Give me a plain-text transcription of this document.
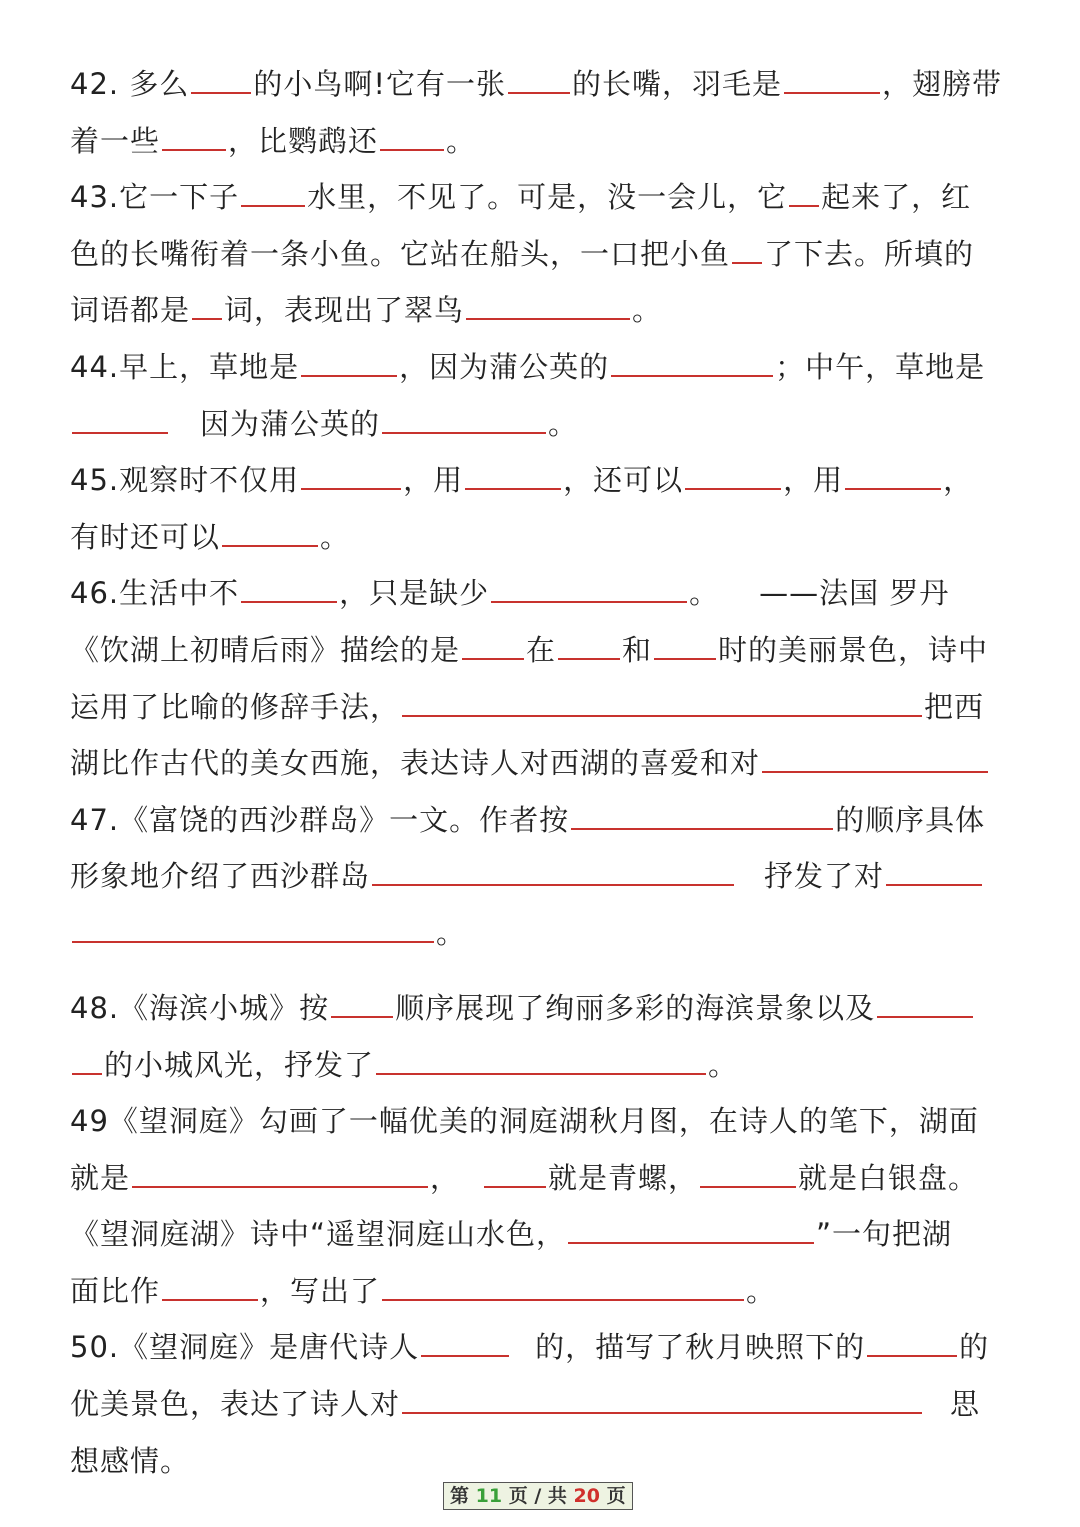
42. 多么 的小鸟啊!它有一张 的长嘴，羽毛是	，翅膀带
着一些 ，比鹦鹉还 。
43.它一下子 水里，不见了。可是，没一会儿，它 起来了，红
色的长嘴衔着一条小鱼。它站在船头，一口把小鱼 了下去。所填的
词语都是 词，表现出了翠鸟	。
44.早上，草地是	，因为蒲公英的	；中午，草地是
因为蒲公英的	。
45.观察时不仅用	，用	，还可以	，用	，
有时还可以	。
46.生活中不	，只是缺少	。 ——法国 罗丹
《饮湖上初晴后雨》描绘的是 在 和 时的美丽景色，诗中
运用了比喻的修辞手法，	把西
湖比作古代的美女西施，表达诗人对西湖的喜爱和对
47.《富饶的西沙群岛》一文。作者按	的顺序具体
形象地介绍了西沙群岛	抒发了对
。
48.《海滨小城》按 顺序展现了绚丽多彩的海滨景象以及
的小城风光，抒发了	。
49《望洞庭》勾画了一幅优美的洞庭湖秋月图，在诗人的笔下，湖面
就是	，	就是青螺，	就是白银盘。
《望洞庭湖》诗中“遥望洞庭山水色，	”一句把湖
面比作	，写出了	。
50.《望洞庭》是唐代诗人	的，描写了秋月映照下的	的
优美景色，表达了诗人对	思
想感情。
第 11 页 / 共 20 页
